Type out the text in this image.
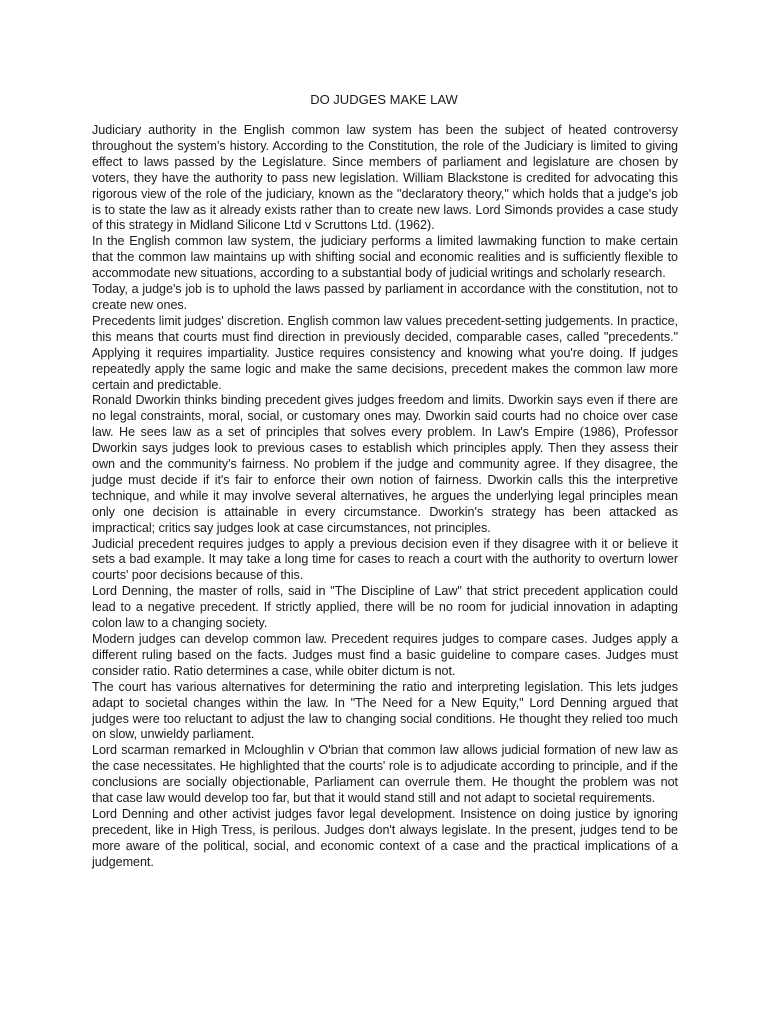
DO JUDGES MAKE LAW

Judiciary authority in the English common law system has been the subject of heated controversy throughout the system's history. According to the Constitution, the role of the Judiciary is limited to giving effect to laws passed by the Legislature. Since members of parliament and legislature are chosen by voters, they have the authority to pass new legislation. William Blackstone is credited for advocating this rigorous view of the role of the judiciary, known as the "declaratory theory," which holds that a judge's job is to state the law as it already exists rather than to create new laws. Lord Simonds provides a case study of this strategy in Midland Silicone Ltd v Scruttons Ltd. (1962).

In the English common law system, the judiciary performs a limited lawmaking function to make certain that the common law maintains up with shifting social and economic realities and is sufficiently flexible to accommodate new situations, according to a substantial body of judicial writings and scholarly research.

Today, a judge's job is to uphold the laws passed by parliament in accordance with the constitution, not to create new ones.

Precedents limit judges' discretion. English common law values precedent-setting judgements. In practice, this means that courts must find direction in previously decided, comparable cases, called "precedents." Applying it requires impartiality. Justice requires consistency and knowing what you're doing. If judges repeatedly apply the same logic and make the same decisions, precedent makes the common law more certain and predictable.

Ronald Dworkin thinks binding precedent gives judges freedom and limits. Dworkin says even if there are no legal constraints, moral, social, or customary ones may. Dworkin said courts had no choice over case law. He sees law as a set of principles that solves every problem. In Law's Empire (1986), Professor Dworkin says judges look to previous cases to establish which principles apply. Then they assess their own and the community's fairness. No problem if the judge and community agree. If they disagree, the judge must decide if it's fair to enforce their own notion of fairness. Dworkin calls this the interpretive technique, and while it may involve several alternatives, he argues the underlying legal principles mean only one decision is attainable in every circumstance. Dworkin's strategy has been attacked as impractical; critics say judges look at case circumstances, not principles.

Judicial precedent requires judges to apply a previous decision even if they disagree with it or believe it sets a bad example. It may take a long time for cases to reach a court with the authority to overturn lower courts' poor decisions because of this.

Lord Denning, the master of rolls, said in "The Discipline of Law" that strict precedent application could lead to a negative precedent. If strictly applied, there will be no room for judicial innovation in adapting colon law to a changing society.

Modern judges can develop common law. Precedent requires judges to compare cases. Judges apply a different ruling based on the facts. Judges must find a basic guideline to compare cases. Judges must consider ratio. Ratio determines a case, while obiter dictum is not.

The court has various alternatives for determining the ratio and interpreting legislation. This lets judges adapt to societal changes within the law. In "The Need for a New Equity," Lord Denning argued that judges were too reluctant to adjust the law to changing social conditions. He thought they relied too much on slow, unwieldy parliament.

Lord scarman remarked in Mcloughlin v O'brian that common law allows judicial formation of new law as the case necessitates. He highlighted that the courts' role is to adjudicate according to principle, and if the conclusions are socially objectionable, Parliament can overrule them. He thought the problem was not that case law would develop too far, but that it would stand still and not adapt to societal requirements.

Lord Denning and other activist judges favor legal development. Insistence on doing justice by ignoring precedent, like in High Tress, is perilous. Judges don't always legislate. In the present, judges tend to be more aware of the political, social, and economic context of a case and the practical implications of a judgement.
